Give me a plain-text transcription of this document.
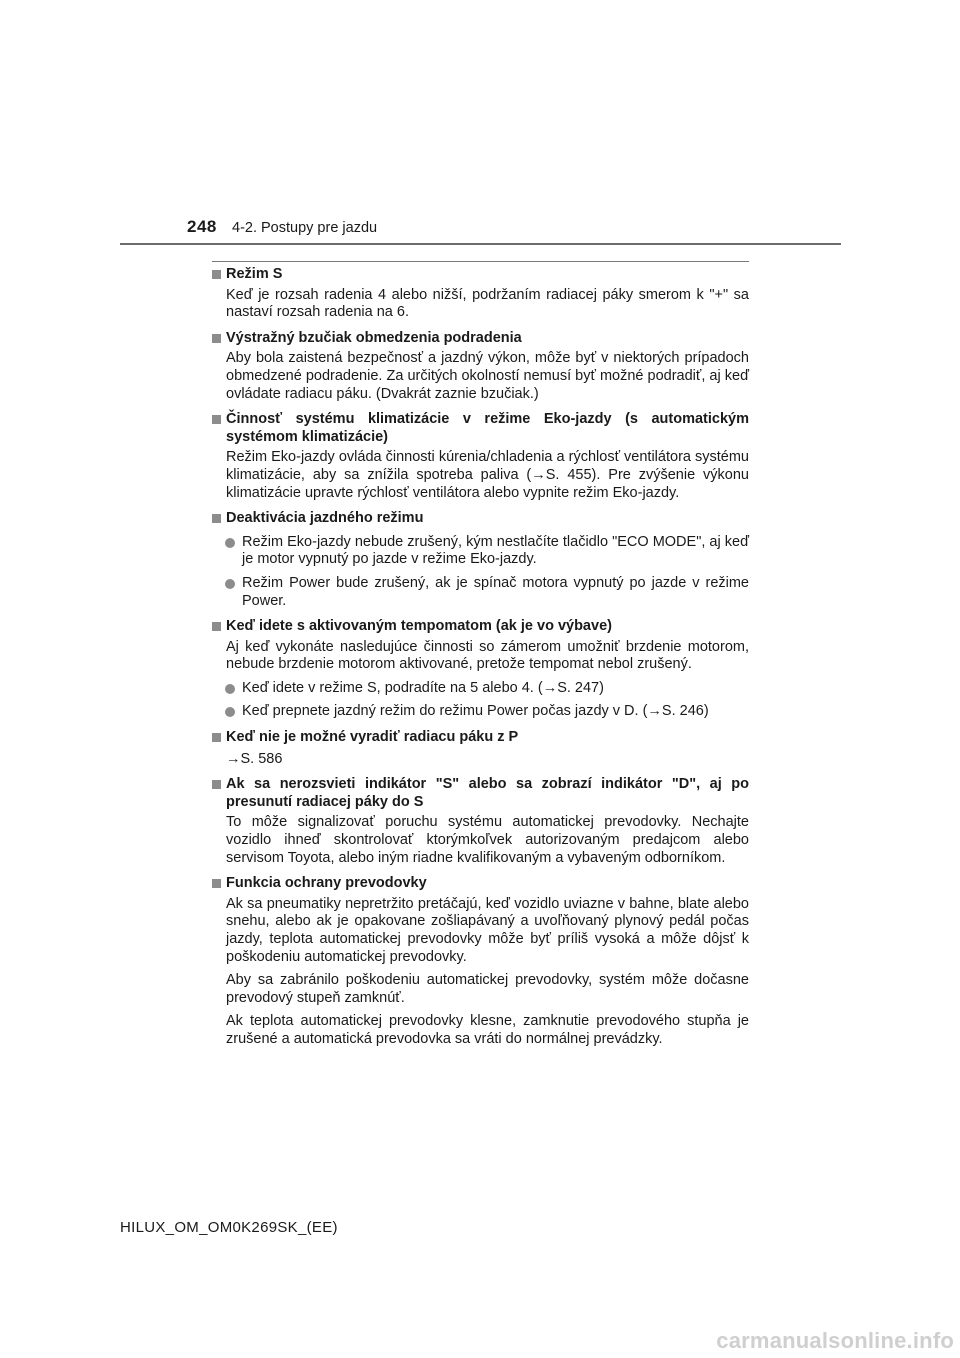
248 4-2. Postupy pre jazdu
Režim S
Keď je rozsah radenia 4 alebo nižší, podržaním radiacej páky smerom k "+" sa nastaví rozsah radenia na 6.
Výstražný bzučiak obmedzenia podradenia
Aby bola zaistená bezpečnosť a jazdný výkon, môže byť v niektorých prípadoch obmedzené podradenie. Za určitých okolností nemusí byť možné podradiť, aj keď ovládate radiacu páku. (Dvakrát zaznie bzučiak.)
Činnosť systému klimatizácie v režime Eko-jazdy (s automatickým systémom klimatizácie)
Režim Eko-jazdy ovláda činnosti kúrenia/chladenia a rýchlosť ventilátora systému klimatizácie, aby sa znížila spotreba paliva (→S. 455). Pre zvýšenie výkonu klimatizácie upravte rýchlosť ventilátora alebo vypnite režim Eko-jazdy.
Deaktivácia jazdného režimu
Režim Eko-jazdy nebude zrušený, kým nestlačíte tlačidlo "ECO MODE", aj keď je motor vypnutý po jazde v režime Eko-jazdy.
Režim Power bude zrušený, ak je spínač motora vypnutý po jazde v režime Power.
Keď idete s aktivovaným tempomatom (ak je vo výbave)
Aj keď vykonáte nasledujúce činnosti so zámerom umožniť brzdenie motorom, nebude brzdenie motorom aktivované, pretože tempomat nebol zrušený.
Keď idete v režime S, podradíte na 5 alebo 4. (→S. 247)
Keď prepnete jazdný režim do režimu Power počas jazdy v D. (→S. 246)
Keď nie je možné vyradiť radiacu páku z P
→S. 586
Ak sa nerozsvieti indikátor "S" alebo sa zobrazí indikátor "D", aj po presunutí radiacej páky do S
To môže signalizovať poruchu systému automatickej prevodovky. Nechajte vozidlo ihneď skontrolovať ktorýmkoľvek autorizovaným predajcom alebo servisom Toyota, alebo iným riadne kvalifikovaným a vybaveným odborníkom.
Funkcia ochrany prevodovky
Ak sa pneumatiky nepretržito pretáčajú, keď vozidlo uviazne v bahne, blate alebo snehu, alebo ak je opakovane zošliapávaný a uvoľňovaný plynový pedál počas jazdy, teplota automatickej prevodovky môže byť príliš vysoká a môže dôjsť k poškodeniu automatickej prevodovky.
Aby sa zabránilo poškodeniu automatickej prevodovky, systém môže dočasne prevodový stupeň zamknúť.
Ak teplota automatickej prevodovky klesne, zamknutie prevodového stupňa je zrušené a automatická prevodovka sa vráti do normálnej prevádzky.
HILUX_OM_OM0K269SK_(EE)
carmanualsonline.info
